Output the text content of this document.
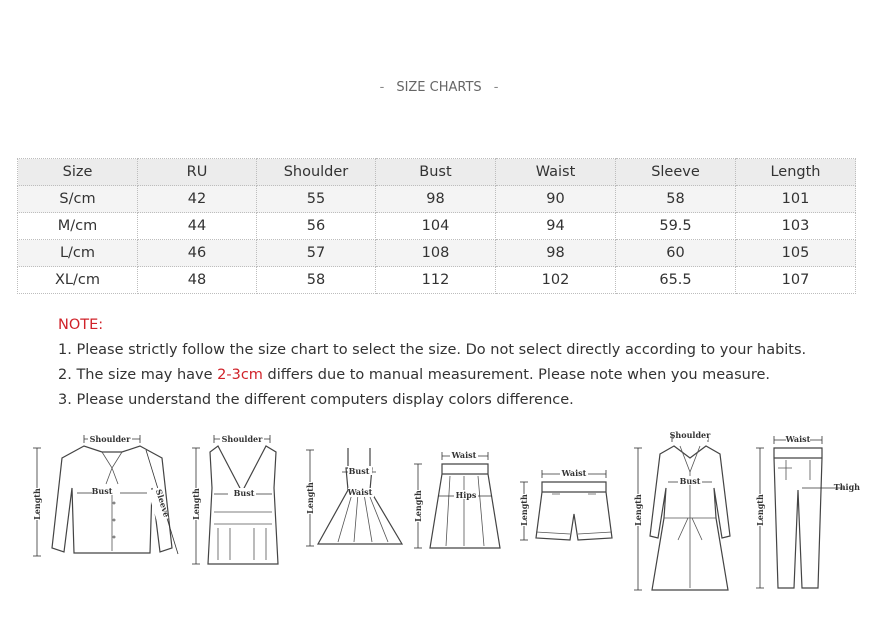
- SIZE CHARTS -
Size	RU	Shoulder	Bust	Waist	Sleeve	Length
S/cm	42	55	98	90	58	101
M/cm	44	56	104	94	59.5	103
L/cm	46	57	108	98	60	105
XL/cm	48	58	112	102	65.5	107
NOTE:
1. Please strictly follow the size chart to select the size. Do not select directly according to your habits.
2. The size may have 2-3cm differs due to manual measurement. Please note when you measure.
3. Please understand the different computers display colors difference.
Shoulder
Bust
Length	Sleeve
Shoulder
Bust
Length
Bust
Waist
Length
Waist
Hips
Length
Waist
Length
Shoulder
Bust
Length
Waist
Thigh
Length
